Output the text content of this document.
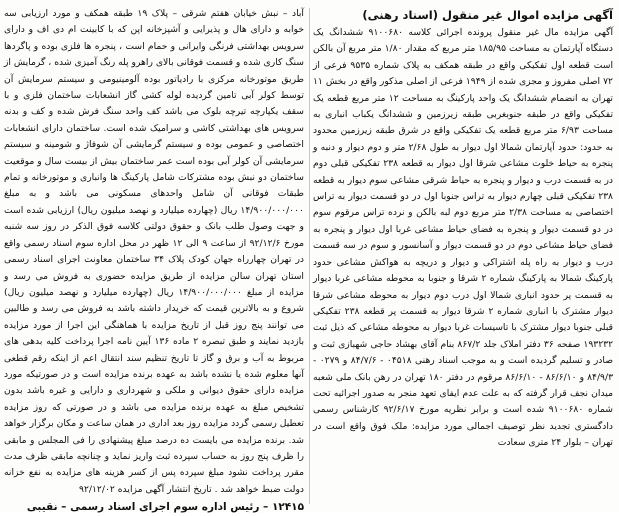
آگهی مزایده اموال غیر منقول (اسناد رهنی)

آگهی مزایده مال غیر منقول پرونده اجرائی کلاسه ۹۱۰۰۶۸۰ ششدانگ یک دستگاه آپارتمان به مساحت ۱۸۵/۹۵ متر مربع که مقدار ۱/۸۰ متر مربع آن بالکن است قطعه اول تفکیکی واقع در طبقه همکف به پلاک شماره ۹۵۳۵ فرعی از ۷۲ اصلی مفروز و مجزی شده از ۱۹۴۹ فرعی از اصلی مذکور واقع در بخش ۱۱ تهران به انضمام ششدانگ یک واحد پارکینگ به مساحت ۱۲ متر مربع قطعه یک تفکیکی واقع در طبقه جنوبغربی طبقه زیرزمین و ششدانگ یکباب انباری به مساحت ۶/۹۳ متر مربع قطعه یک تفکیکی واقع در شرق طبقه زیرزمین محدود به حدود: حدود آپارتمان شمالا اول دیوار به طول ۲/۶۸ متر و دوم دیوار و دنبه و پنجره به حیاط خلوت مشاعی شرقا اول دیوار به قطعه ۲۳۸ تفکیکی قبلی دوم در به قسمت درب و دیوار و پنجره به حیاط شرقی مشاعی سوم دیوار به قطعه ۲۳۸ تفکیکی قبلی چهارم دیوار به تراس جنوبا اول در دو قسمت دیوار به تراس اختصاصی به مساحت ۲/۳۸ متر مربع دوم لبه بالکن و نرده تراس مرقوم سوم در دو قسمت دیوار و پنجره به فضای حیاط مشاعی غربا اول دیوار و پنجره به فضای حیاط مشاعی دوم در دو قسمت دیوار و آسانسور و سوم در سه قسمت درب و دیوار به راه پله اشتراکی و دیوار و دریچه به هواکش مشاعی حدود پارکینگ شمالا به پارکینگ شماره ۲ شرقا و جنوبا به محوطه مشاعی غربا دیوار به قسمت پر حدود انباری شمالا اول درب دوم دیوار به محوطه مشاعی شرقا دیوار مشترک با انباری شماره ۲ شرقا دیوار به قسمت پر قطعه ۲۳۸ تفکیکی قبلی جنوبا دیوار مشترک با تاسیسات غربا دیوار به محوطه مشاعی که ذیل ثبت ۱۹۳۲۳۲ صفحه ۳۶ دفتر املاک جلد ۸۶۷/۲ بنام آقای بهشاد حاجی شهبازی ثبت و صادر و تسلیم گردیده است و به موجب اسناد رهنی ۰۴۵۱۸ - ۸۴/۷/۶ و ۰۲۷۹ - ۸۴/۹/۳ و ۸۶/۶/۱۰ - ۸۶/۶/۱۰ مرقوم در دفتر ۱۸۰ تهران در رهن بانک ملی شعبه میدان نجف قرار گرفته که به علت عدم ایفای تعهد منجر به صدور اجرائیه تحت شماره ۹۱۰۰۶۸۰ شده است و برابر نظریه مورخ ۹۲/۶/۱۷ کارشناس رسمی دادگستری تجدید نظر توصیف اجمالی مورد مزایده: ملک فوق واقع است در تهران – بلوار ۲۴ متری سعادت

آباد – نبش خیابان هفتم شرقی – پلاک ۱۹ طبقه همکف و مورد ارزیابی سه خوابه و دارای هال و پذیرایی و آشپزخانه اپن که با کابینت ام دی اف و دارای سرویس بهداشتی فرنگی وایرانی و حمام است ، پنجره ها فلزی بوده و پاگردها سنگ کاری شده و قسمت فوقانی بالای راهرو پله رنگ آمیزی شده ، گرمایش از طریق موتورخانه مرکزی با رادیاتور بوده آلومینیومی و سیستم سرمایش آن توسط کولر آبی تامین گردیده لوله کشی گاز انشعابات ساختمان فلزی و با سقف یکپارچه تیرچه بلوک می باشد کف واحد سنگ فرش شده و کف و بدنه سرویس های بهداشتی کاشی و سرامیک شده است. ساختمان دارای انشعابات اختصاصی و عمومی بوده و سیستم گرمایشی آن شوفاژ و شومینه و سیستم سرمایشی آن کولر آبی بوده است عمر ساختمان بیش از بیست سال و موقعیت ساختمان دو نبش بوده مشترکات شامل پارکینگ ها وانباری و موتورخانه و تمام طبقات فوقانی آن شامل واحدهای مسکونی می باشد و به مبلغ ۱۴/۹۰۰/۰۰۰/۰۰۰ ریال (چهارده میلیارد و نهصد میلیون ریال) ارزیابی شده است و جهت وصول طلب بانک و حقوق دولتی کلاسه فوق الذکر در روز سه شنبه مورخ ۹۲/۱۲/۶ از ساعت ۹ الی ۱۲ ظهر در محل اداره سوم اسناد رسمی واقع در تهران چهارراه جهان کودک پلاک ۳۴ ساختمان معاونت اجرای اسناد رسمی استان تهران سالن مزایده از طریق مزایده حضوری به فروش می رسد و مزایده از مبلغ ۱۴/۹۰۰/۰۰۰/۰۰۰ ریال (چهارده میلیارد و نهصد میلیون ریال) شروع و به بالاترین قیمت که خریدار داشته باشد به فروش می رسد و طالبین می توانند پنج روز قبل از تاریخ مزایده با هماهنگی این اجرا از مورد مزایده بازدید نمایند و طبق تبصره ۲ ماده ۱۳۶ آیین نامه اجرا پرداخت کلیه بدهی های مربوط به آب و برق و گاز تا تاریخ تنظیم سند انتقال اعم از اینکه رقم قطعی آنها معلوم شده یا نشده باشد به عهده برنده مزایده است و در صورتیکه مورد مزایده دارای حقوق دیوانی و ملکی و شهرداری و دارایی و غیره باشد بدون تشخیص مبلغ به عهده برنده مزایده می باشد و در صورتی که روز مزایده تعطیل رسمی گردد مزایده روز بعد اداری در همان ساعت و مکان برگزار خواهد شد. برنده مزایده می بایست ده درصد مبلغ پیشنهادی را فی المجلس و مابقی را ظرف پنج روز به حساب سپرده ثبت واریز نماید و چنانچه مابقی ظرف مدت مقرر پرداخت نشود مبلغ سپرده پس از کسر هزینه های مزایده به نفع خزانه دولت ضبط خواهد شد . تاریخ انتشار آگهی مزایده ۹۲/۱۲/۰۲

۱۲۴۱۵ – رئیس اداره سوم اجرای اسناد رسمی – نقیبی
